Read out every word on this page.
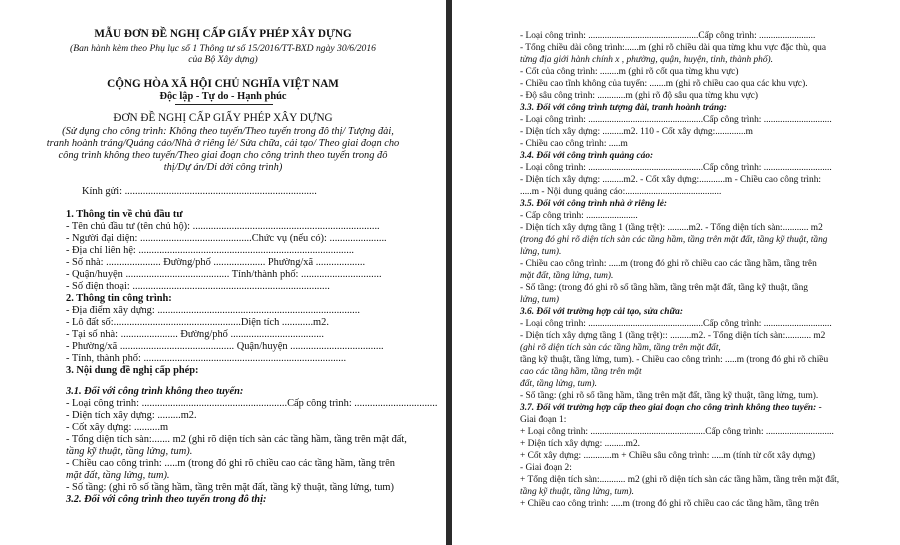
MẪU ĐƠN ĐỀ NGHỊ CẤP GIẤY PHÉP XÂY DỰNG
(Ban hành kèm theo Phụ lục số 1 Thông tư số 15/2016/TT-BXD ngày 30/6/2016
của Bộ Xây dựng)
CỘNG HÒA XÃ HỘI CHỦ NGHĨA VIỆT NAM
Độc lập - Tự do - Hạnh phúc
ĐƠN ĐỀ NGHỊ CẤP GIẤY PHÉP XÂY DỰNG
(Sử dụng cho công trình: Không theo tuyến/Theo tuyến trong đô thị/ Tượng đài,
tranh hoành tráng/Quảng cáo/Nhà ở riêng lẻ/ Sửa chữa, cải tạo/ Theo giai đoạn cho
công trình không theo tuyến/Theo giai đoạn cho công trình theo tuyến trong đô
thị/Dự án/Di dời công trình)
Kính gửi: ..........................................................................
1. Thông tin về chủ đầu tư
- Tên chủ đầu tư (tên chủ hộ): ........................................................................
- Người đại diện: ...........................................Chức vụ (nếu có): ......................
- Địa chỉ liên hệ: ...................................................................................
- Số nhà: ..................... Đường/phố .................... Phường/xã ...................
- Quận/huyện ........................................ Tỉnh/thành phố: ...............................
- Số điện thoại: ............................................................................
2. Thông tin công trình:
- Địa điểm xây dựng: ..............................................................................
- Lô đất số:.................................................Diện tích ............m2.
- Tại số nhà: ...................... Đường/phố ....................................
- Phường/xã ............................................ Quận/huyện ....................................
- Tỉnh, thành phố: ..............................................................................
3. Nội dung đề nghị cấp phép:
3.1. Đối với công trình không theo tuyến:
- Loại công trình: ........................................................Cấp công trình: ................................
- Diện tích xây dựng: .........m2.
- Cốt xây dựng: ..........m
- Tổng diện tích sàn:....... m2 (ghi rõ diện tích sàn các tầng hầm, tầng trên mặt đất,
tầng kỹ thuật, tầng lửng, tum).
- Chiều cao công trình: .....m (trong đó ghi rõ chiều cao các tầng hầm, tầng trên
mặt đất, tầng lửng, tum).
- Số tầng: (ghi rõ số tầng hầm, tầng trên mặt đất, tầng kỹ thuật, tầng lửng, tum)
3.2. Đối với công trình theo tuyến trong đô thị:
- Loại công trình: ...............................................Cấp công trình: ........................
- Tổng chiều dài công trình:......m (ghi rõ chiều dài qua từng khu vực đặc thù, qua
từng địa giới hành chính x , phường, quận, huyện, tỉnh, thành phố).
- Cốt của công trình: ........m (ghi rõ cốt qua từng khu vực)
- Chiều cao tĩnh không của tuyến: .......m (ghi rõ chiều cao qua các khu vực).
- Độ sâu công trình: ............m (ghi rõ độ sâu qua từng khu vực)
3.3. Đối với công trình tượng đài, tranh hoành tráng:
- Loại công trình: .................................................Cấp công trình: .............................
- Diện tích xây dựng: .........m2. 110 - Cốt xây dựng:.............m
- Chiều cao công trình: .....m
3.4. Đối với công trình quảng cáo:
- Loại công trình: .................................................Cấp công trình: .............................
- Diện tích xây dựng: .........m2. - Cốt xây dựng:...........m - Chiều cao công trình:
.....m - Nội dung quảng cáo:.........................................
3.5. Đối với công trình nhà ở riêng lẻ:
- Cấp công trình: ......................
- Diện tích xây dựng tầng 1 (tầng trệt): .........m2. - Tổng diện tích sàn:........... m2
(trong đó ghi rõ diện tích sàn các tầng hầm, tầng trên mặt đất, tầng kỹ thuật, tầng
lửng, tum).
- Chiều cao công trình: .....m (trong đó ghi rõ chiều cao các tầng hầm, tầng trên
mặt đất, tầng lửng, tum).
- Số tầng: (trong đó ghi rõ số tầng hầm, tầng trên mặt đất, tầng kỹ thuật, tầng
lửng, tum)
3.6. Đối với trường hợp cải tạo, sửa chữa:
- Loại công trình: .................................................Cấp công trình: .............................
- Diện tích xây dựng tầng 1 (tầng trệt):: .........m2. - Tổng diện tích sàn:........... m2
(ghi rõ diện tích sàn các tầng hầm, tầng trên mặt đất,
tầng kỹ thuật, tầng lửng, tum). - Chiều cao công trình: .....m (trong đó ghi rõ chiều
cao các tầng hầm, tầng trên mặt
đất, tầng lửng, tum).
- Số tầng: (ghi rõ số tầng hầm, tầng trên mặt đất, tầng kỹ thuật, tầng lửng, tum).
3.7. Đối với trường hợp cấp theo giai đoạn cho công trình không theo tuyến: -
Giai đoạn 1:
+ Loại công trình: .................................................Cấp công trình: .............................
+ Diện tích xây dựng: .........m2.
+ Cốt xây dựng: ............m + Chiều sâu công trình: .....m (tính từ cốt xây dựng)
- Giai đoạn 2:
+ Tổng diện tích sàn:........... m2 (ghi rõ diện tích sàn các tầng hầm, tầng trên mặt đất,
tầng kỹ thuật, tầng lửng, tum).
+ Chiều cao công trình: .....m (trong đó ghi rõ chiều cao các tầng hầm, tầng trên
